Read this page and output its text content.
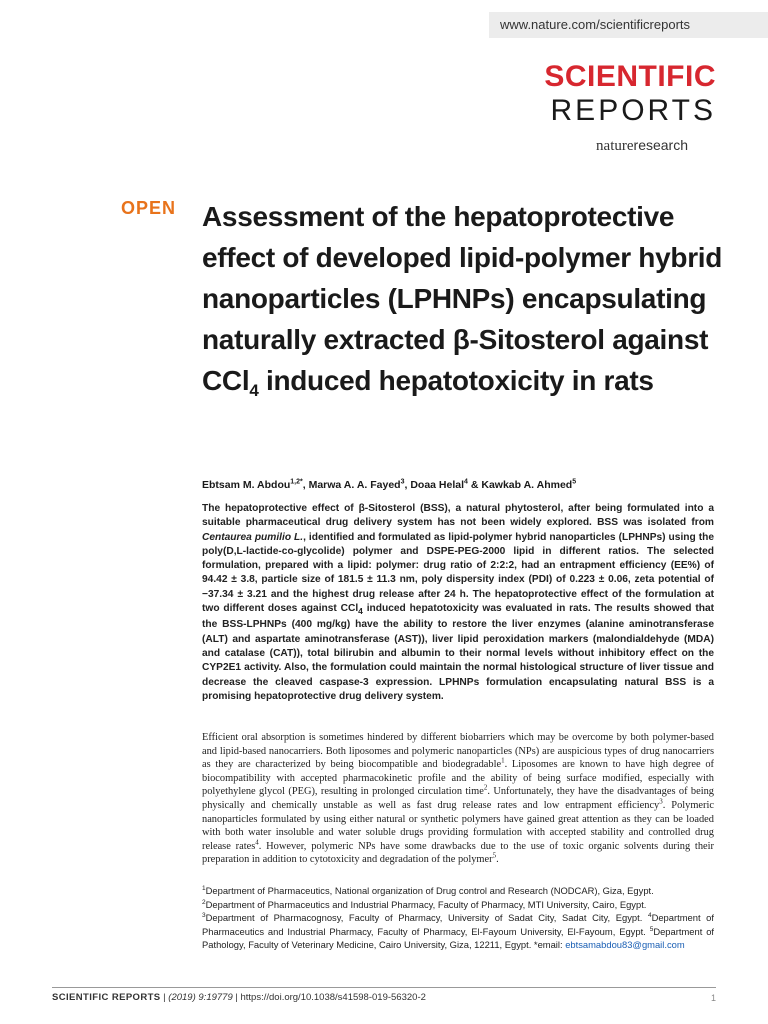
www.nature.com/scientificreports
SCIENTIFIC
REPORTS
natureresearch
OPEN Assessment of the hepatoprotective effect of developed lipid-polymer hybrid nanoparticles (LPHNPs) encapsulating naturally extracted β-Sitosterol against CCl$_4$ induced hepatotoxicity in rats
Ebtsam M. Abdou$^{1,2*}$, Marwa A. A. Fayed$^3$, Doaa Helal$^4$ & Kawkab A. Ahmed$^5$

The hepatoprotective effect of β-Sitosterol (BSS), a natural phytosterol, after being formulated into a suitable pharmaceutical drug delivery system has not been widely explored. BSS was isolated from Centaurea pumilio L., identified and formulated as lipid-polymer hybrid nanoparticles (LPHNPs) using the poly(D,L-lactide-co-glycolide) polymer and DSPE-PEG-2000 lipid in different ratios. The selected formulation, prepared with a lipid: polymer: drug ratio of 2:2:2, had an entrapment efficiency (EE%) of 94.42 ± 3.8, particle size of 181.5 ± 11.3 nm, poly dispersity index (PDI) of 0.223 ± 0.06, zeta potential of −37.34 ± 3.21 and the highest drug release after 24 h. The hepatoprotective effect of the formulation at two different doses against CCl$_4$ induced hepatotoxicity was evaluated in rats. The results showed that the BSS-LPHNPs (400 mg/kg) have the ability to restore the liver enzymes (alanine aminotransferase (ALT) and aspartate aminotransferase (AST)), liver lipid peroxidation markers (malondialdehyde (MDA) and catalase (CAT)), total bilirubin and albumin to their normal levels without inhibitory effect on the CYP2E1 activity. Also, the formulation could maintain the normal histological structure of liver tissue and decrease the cleaved caspase-3 expression. LPHNPs formulation encapsulating natural BSS is a promising hepatoprotective drug delivery system.

Efficient oral absorption is sometimes hindered by different biobarriers which may be overcome by both polymer-based and lipid-based nanocarriers. Both liposomes and polymeric nanoparticles (NPs) are auspicious types of drug nanocarriers as they are characterized by being biocompatible and biodegradable$^1$. Liposomes are known to have high degree of biocompatibility with accepted pharmacokinetic profile and the ability of being surface modified, especially with polyethylene glycol (PEG), resulting in prolonged circulation time$^2$. Unfortunately, they have the disadvantages of being physically and chemically unstable as well as fast drug release rates and low entrapment efficiency$^3$. Polymeric nanoparticles formulated by using either natural or synthetic polymers have gained great attention as they can be loaded with both water insoluble and water soluble drugs providing formulation with accepted stability and controlled drug release rates$^4$. However, polymeric NPs have some drawbacks due to the use of toxic organic solvents during their preparation in addition to cytotoxicity and degradation of the polymer$^5$.

$^1$Department of Pharmaceutics, National organization of Drug control and Research (NODCAR), Giza, Egypt.
$^2$Department of Pharmaceutics and Industrial Pharmacy, Faculty of Pharmacy, MTI University, Cairo, Egypt.
$^3$Department of Pharmacognosy, Faculty of Pharmacy, University of Sadat City, Sadat City, Egypt. $^4$Department of Pharmaceutics and Industrial Pharmacy, Faculty of Pharmacy, El-Fayoum University, El-Fayoum, Egypt. $^5$Department of Pathology, Faculty of Veterinary Medicine, Cairo University, Giza, 12211, Egypt. *email: ebtsamabdou83@gmail.com
SCIENTIFIC REPORTS | (2019) 9:19779 | https://doi.org/10.1038/s41598-019-56320-2	1
